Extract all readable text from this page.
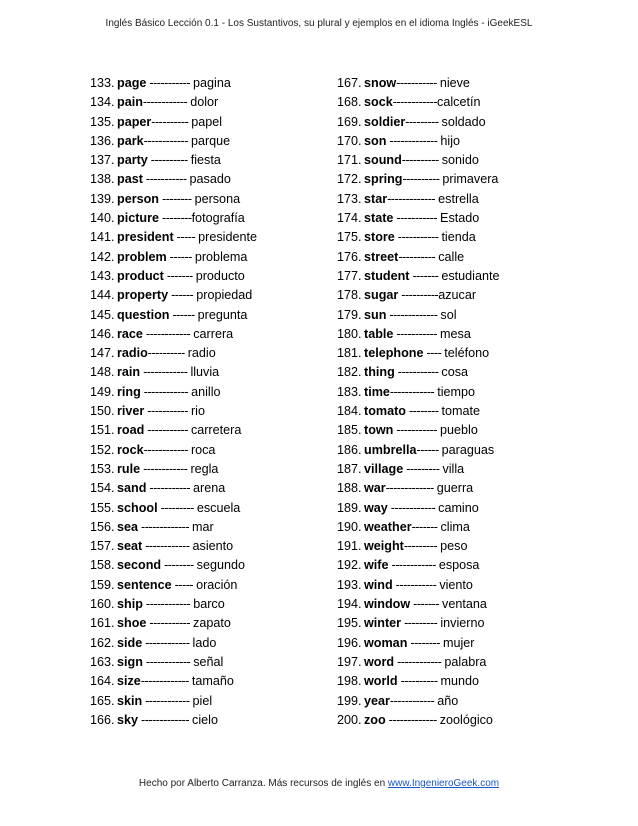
Inglés Básico Lección 0.1 - Los Sustantivos, su plural y ejemplos en el idioma Inglés - iGeekESL
133. page ----------- pagina
134. pain------------ dolor
135. paper---------- papel
136. park------------ parque
137. party ---------- fiesta
138. past ----------- pasado
139. person -------- persona
140. picture --------fotografía
141. president ----- presidente
142. problem ------ problema
143. product ------- producto
144. property ------ propiedad
145. question ------ pregunta
146. race ------------ carrera
147. radio---------- radio
148. rain ------------ lluvia
149. ring ------------ anillo
150. river ----------- rio
151. road ----------- carretera
152. rock------------ roca
153. rule ------------ regla
154. sand ----------- arena
155. school --------- escuela
156. sea ------------- mar
157. seat ------------ asiento
158. second -------- segundo
159. sentence ----- oración
160. ship ------------ barco
161. shoe ----------- zapato
162. side ------------ lado
163. sign ------------ señal
164. size------------- tamaño
165. skin ------------ piel
166. sky ------------- cielo
167. snow----------- nieve
168. sock------------calcetín
169. soldier--------- soldado
170. son ------------- hijo
171. sound---------- sonido
172. spring---------- primavera
173. star------------- estrella
174. state ----------- Estado
175. store ----------- tienda
176. street---------- calle
177. student ------- estudiante
178. sugar ----------azucar
179. sun ------------- sol
180. table ----------- mesa
181. telephone ---- teléfono
182. thing ----------- cosa
183. time------------ tiempo
184. tomato -------- tomate
185. town ----------- pueblo
186. umbrella------ paraguas
187. village --------- villa
188. war------------- guerra
189. way ------------ camino
190. weather------- clima
191. weight--------- peso
192. wife ------------ esposa
193. wind ----------- viento
194. window ------- ventana
195. winter --------- invierno
196. woman -------- mujer
197. word ------------ palabra
198. world ---------- mundo
199. year------------ año
200. zoo ------------- zoológico
Hecho por Alberto Carranza. Más recursos de inglés en www.IngenieroGeek.com
